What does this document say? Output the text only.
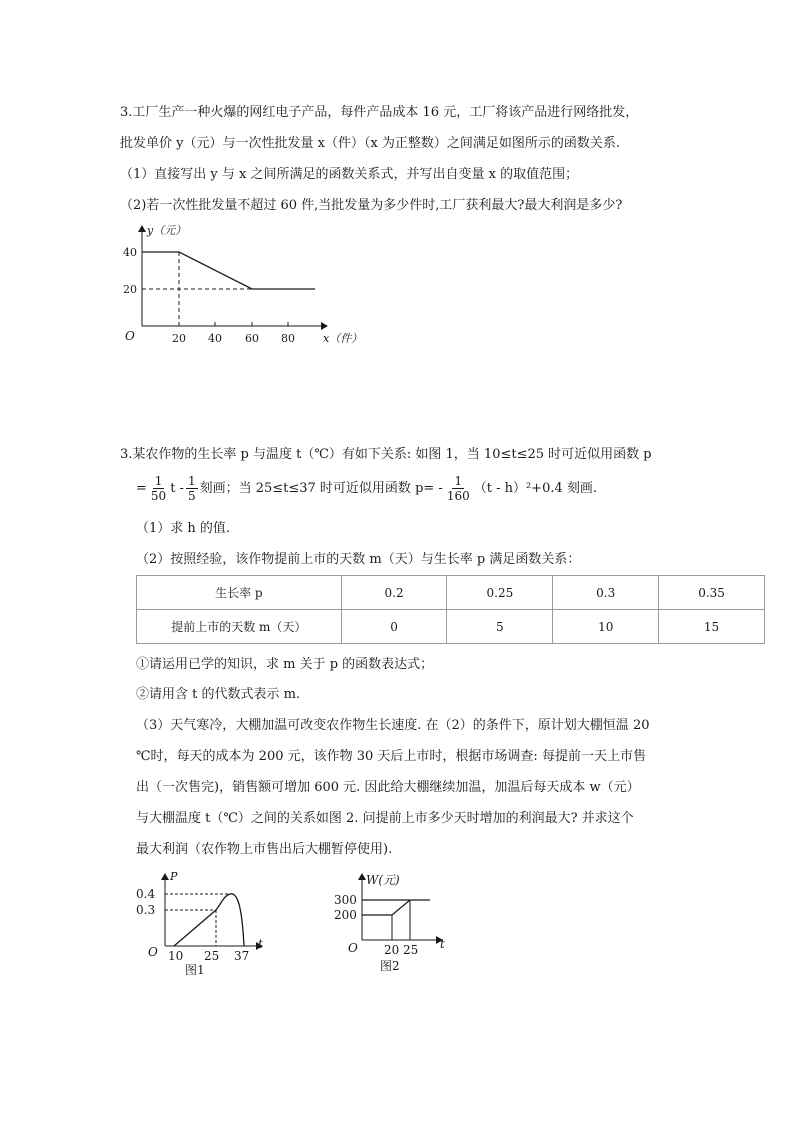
3.工厂生产一种火爆的网红电子产品，每件产品成本 16 元，工厂将该产品进行网络批发，
批发单价 y（元）与一次性批发量 x（件）（x 为正整数）之间满足如图所示的函数关系.
（1）直接写出 y 与 x 之间所满足的函数关系式，并写出自变量 x 的取值范围；
（2)若一次性批发量不超过 60 件,当批发量为多少件时,工厂获利最大?最大利润是多少?
y（元）
40
20
O	20 40 60 80	x（件）
3.某农作物的生长率 p 与温度 t（℃）有如下关系: 如图 1，当 10≤t≤25 时可近似用函数 p
= $\frac{1}{50}$ t - $\frac{1}{5}$ 刻画；当 25≤t≤37 时可近似用函数 $p= - \frac{1}{160} (t - h)^2+0.4$ 刻画.
（1）求 h 的值.
（2）按照经验，该作物提前上市的天数 m（天）与生长率 p 满足函数关系：
生长率 p	0.2	0.25	0.3	0.35
提前上市的天数 m（天）	0	5	10	15
①请运用已学的知识，求 m 关于 p 的函数表达式；
②请用含 t 的代数式表示 m.
（3）天气寒冷，大棚加温可改变农作物生长速度. 在（2）的条件下，原计划大棚恒温 20
℃时，每天的成本为 200 元，该作物 30 天后上市时，根据市场调查: 每提前一天上市售
出（一次售完)，销售额可增加 600 元. 因此给大棚继续加温，加温后每天成本 w（元）
与大棚温度 t（℃）之间的关系如图 2. 问提前上市多少天时增加的利润最大? 并求这个
最大利润（农作物上市售出后大棚暂停使用).
P
0.4
0.3
O 10 25 37
t
图1
W(元)
300
200
O 20 25 t
图2
